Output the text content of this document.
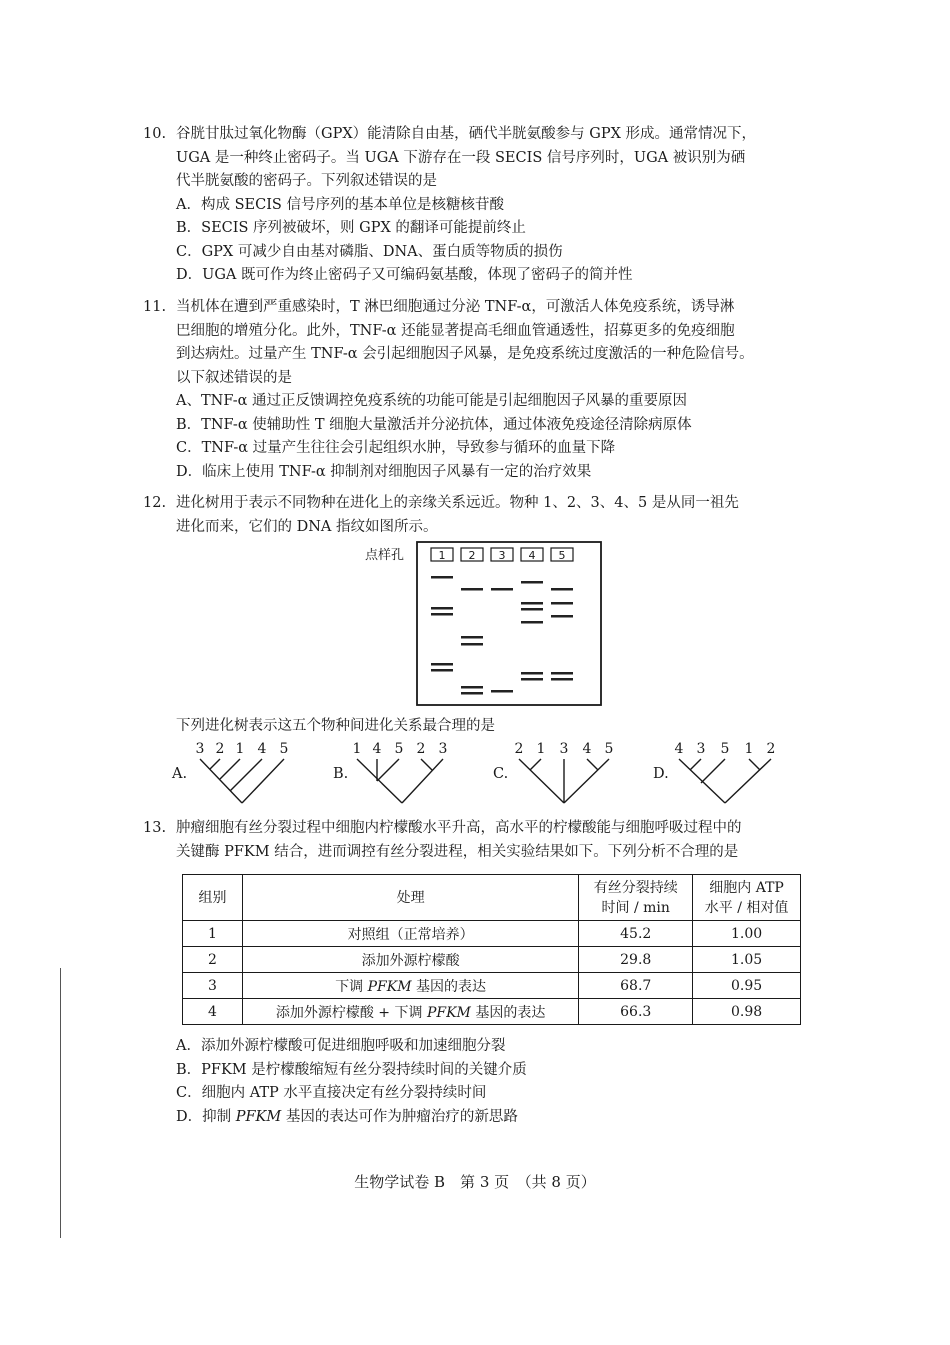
10. 谷胱甘肽过氧化物酶（GPX）能清除自由基，硒代半胱氨酸参与 GPX 形成。通常情况下，
UGA 是一种终止密码子。当 UGA 下游存在一段 SECIS 信号序列时，UGA 被识别为硒
代半胱氨酸的密码子。下列叙述错误的是
A．构成 SECIS 信号序列的基本单位是核糖核苷酸
B．SECIS 序列被破坏，则 GPX 的翻译可能提前终止
C．GPX 可减少自由基对磷脂、DNA、蛋白质等物质的损伤
D．UGA 既可作为终止密码子又可编码氨基酸，体现了密码子的简并性
11. 当机体在遭到严重感染时，T 淋巴细胞通过分泌 TNF-α，可激活人体免疫系统，诱导淋
巴细胞的增殖分化。此外，TNF-α 还能显著提高毛细血管通透性，招募更多的免疫细胞
到达病灶。过量产生 TNF-α 会引起细胞因子风暴，是免疫系统过度激活的一种危险信号。
以下叙述错误的是
A、TNF-α 通过正反馈调控免疫系统的功能可能是引起细胞因子风暴的重要原因
B．TNF-α 使辅助性 T 细胞大量激活并分泌抗体，通过体液免疫途径清除病原体
C．TNF-α 过量产生往往会引起组织水肿，导致参与循环的血量下降
D．临床上使用 TNF-α 抑制剂对细胞因子风暴有一定的治疗效果
12. 进化树用于表示不同物种在进化上的亲缘关系远近。物种 1、2、3、4、5 是从同一祖先
进化而来，它们的 DNA 指纹如图所示。
点样孔	1 2 3 4 5
下列进化树表示这五个物种间进化关系最合理的是
A.
3 2 1 4 5
B.
1 4 5 2 3
C.
2 1 3 4 5
D.
4 3 5 1 2
13. 肿瘤细胞有丝分裂过程中细胞内柠檬酸水平升高，高水平的柠檬酸能与细胞呼吸过程中的
关键酶 PFKM 结合，进而调控有丝分裂进程，相关实验结果如下。下列分析不合理的是
组别	处理	有丝分裂持续
时间 / min	细胞内 ATP
水平 / 相对值
1	对照组（正常培养）	45.2	1.00
2	添加外源柠檬酸	29.8	1.05
3	下调 PFKM 基因的表达	68.7	0.95
4	添加外源柠檬酸 + 下调 PFKM 基因的表达	66.3	0.98
A．添加外源柠檬酸可促进细胞呼吸和加速细胞分裂
B．PFKM 是柠檬酸缩短有丝分裂持续时间的关键介质
C．细胞内 ATP 水平直接决定有丝分裂持续时间
D．抑制 PFKM 基因的表达可作为肿瘤治疗的新思路
生物学试卷 B　第 3 页　（共 8 页）
